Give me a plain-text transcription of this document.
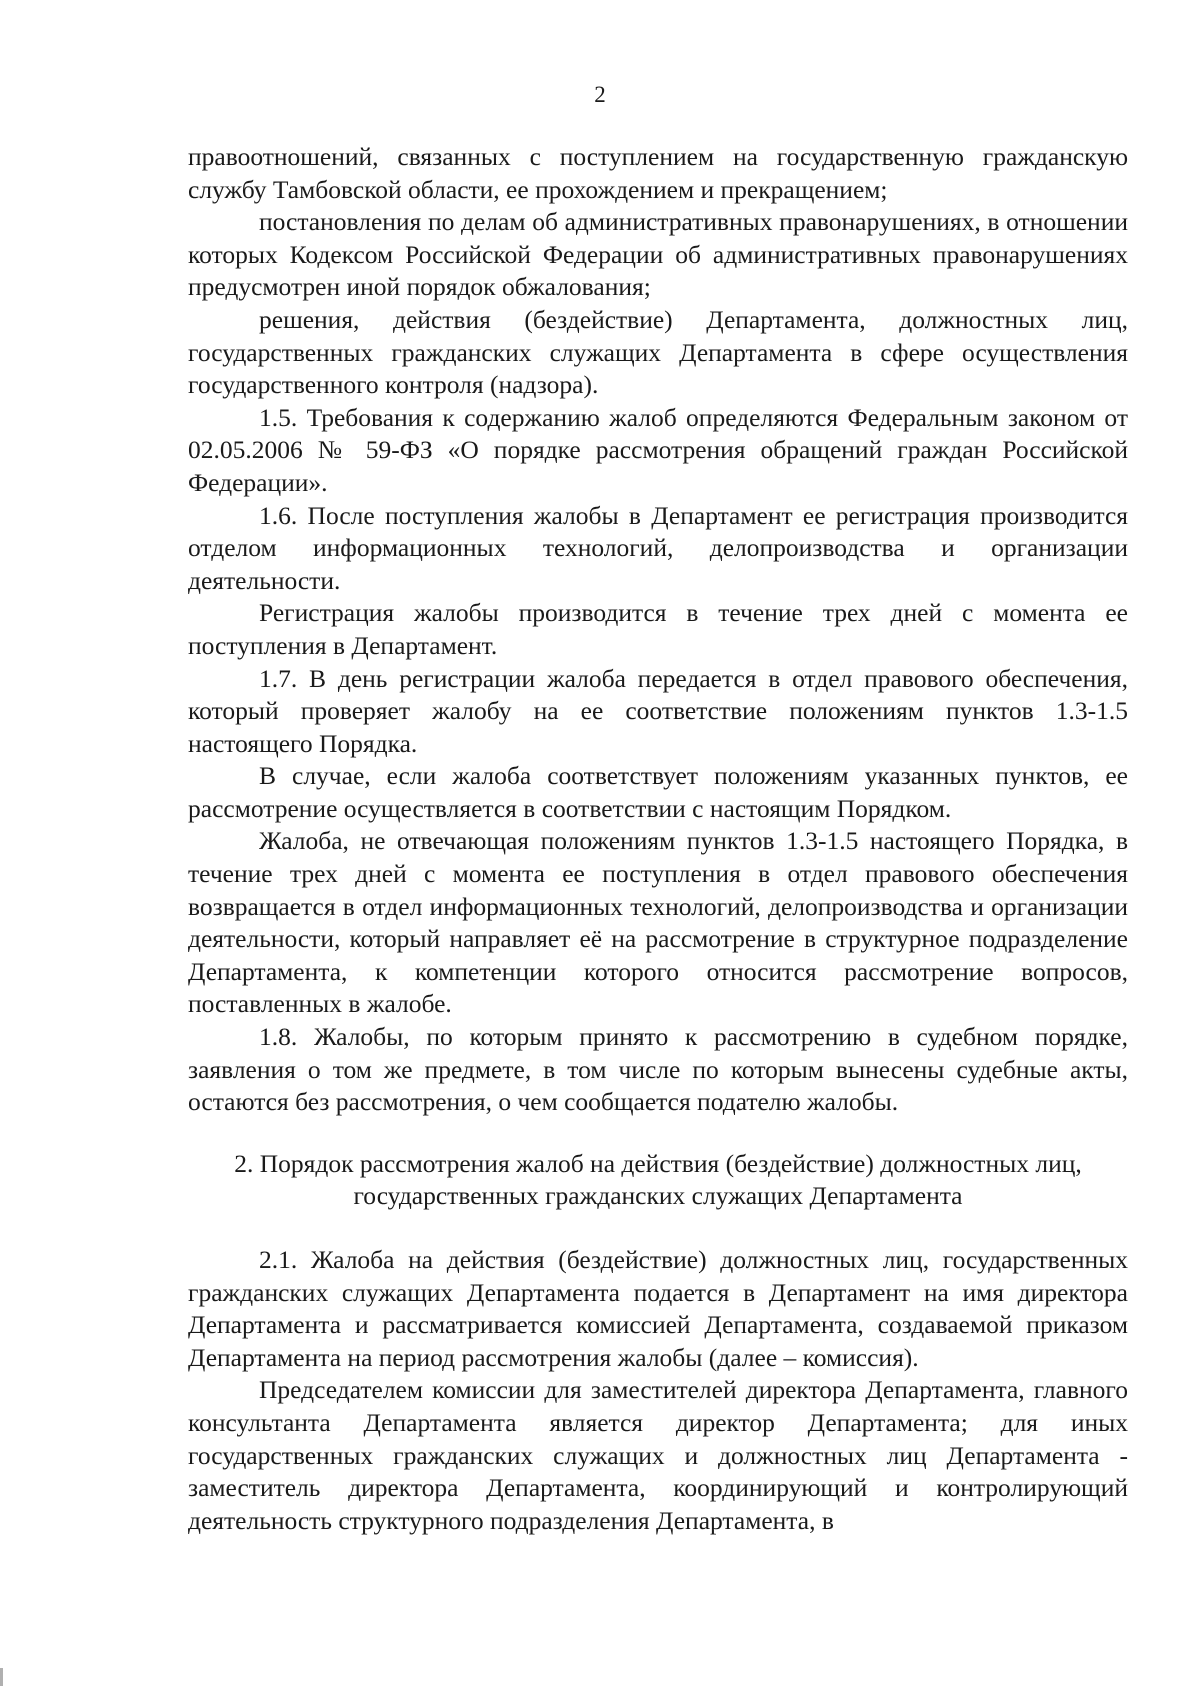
2

правоотношений, связанных с поступлением на государственную гражданскую службу Тамбовской области, ее прохождением и прекращением;

постановления по делам об административных правонарушениях, в отношении которых Кодексом Российской Федерации об административных правонарушениях предусмотрен иной порядок обжалования;

решения, действия (бездействие) Департамента, должностных лиц, государственных гражданских служащих Департамента в сфере осуществления государственного контроля (надзора).

1.5. Требования к содержанию жалоб определяются Федеральным законом от 02.05.2006 № 59-ФЗ «О порядке рассмотрения обращений граждан Российской Федерации».

1.6. После поступления жалобы в Департамент ее регистрация производится отделом информационных технологий, делопроизводства и организации деятельности.

Регистрация жалобы производится в течение трех дней с момента ее поступления в Департамент.

1.7. В день регистрации жалоба передается в отдел правового обеспечения, который проверяет жалобу на ее соответствие положениям пунктов 1.3-1.5 настоящего Порядка.

В случае, если жалоба соответствует положениям указанных пунктов, ее рассмотрение осуществляется в соответствии с настоящим Порядком.

Жалоба, не отвечающая положениям пунктов 1.3-1.5 настоящего Порядка, в течение трех дней с момента ее поступления в отдел правового обеспечения возвращается в отдел информационных технологий, делопроизводства и организации деятельности, который направляет её на рассмотрение в структурное подразделение Департамента, к компетенции которого относится рассмотрение вопросов, поставленных в жалобе.

1.8. Жалобы, по которым принято к рассмотрению в судебном порядке, заявления о том же предмете, в том числе по которым вынесены судебные акты, остаются без рассмотрения, о чем сообщается подателю жалобы.

2. Порядок рассмотрения жалоб на действия (бездействие) должностных лиц,
государственных гражданских служащих Департамента

2.1. Жалоба на действия (бездействие) должностных лиц, государственных гражданских служащих Департамента подается в Департамент на имя директора Департамента и рассматривается комиссией Департамента, создаваемой приказом Департамента на период рассмотрения жалобы (далее – комиссия).

Председателем комиссии для заместителей директора Департамента, главного консультанта Департамента является директор Департамента; для иных государственных гражданских служащих и должностных лиц Департамента - заместитель директора Департамента, координирующий и контролирующий деятельность структурного подразделения Департамента, в
